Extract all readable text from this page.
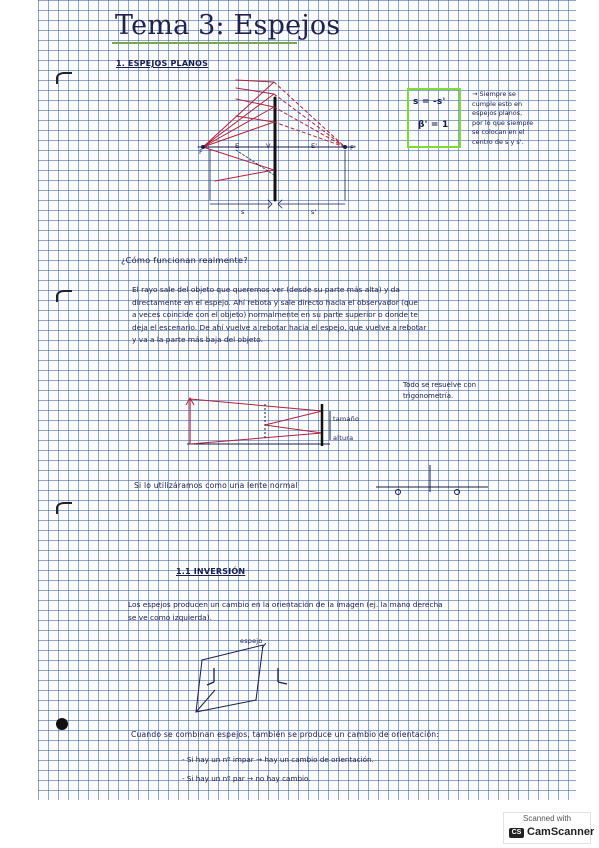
Tema 3: Espejos
1. ESPEJOS PLANOS
F	F'
E	E'
V
s	s'
s = -s'
β' = 1
→ Siempre se
cumple esto en
espejos planos,
por lo que siempre
se colocan en el
centro de s y s'.
¿Cómo funcionan realmente?
El rayo sale del objeto que queremos ver (desde su parte más alta) y da
directamente en el espejo. Ahí rebota y sale directo hacia el observador (que
a veces coincide con el objeto) normalmente en su parte superior o donde te
deja el escenario. De ahí vuelve a rebotar hacia el espejo, que vuelve a rebotar
y va a la parte más baja del objeto.
Todo se resuelve con
trigonometría.
tamaño
altura
Si lo utilizáramos como una lente normal
1.1 INVERSIÓN
Los espejos producen un cambio en la orientación de la imagen (ej. la mano derecha
se ve como izquierda).
espejo
Cuando se combinan espejos, también se produce un cambio de orientación:
- Si hay un nº impar → hay un cambio de orientación.
- Si hay un nº par → no hay cambio.
Scanned with
CS CamScanner
